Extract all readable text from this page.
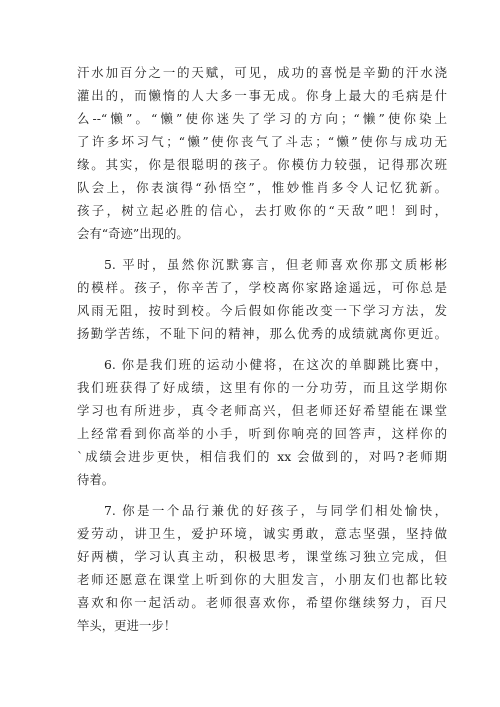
汗水加百分之一的天赋，可见，成功的喜悦是辛勤的汗水浇
灌出的，而懒惰的人大多一事无成。你身上最大的毛病是什
么--“懒”。“懒”使你迷失了学习的方向；“懒”使你染上
了许多坏习气；“懒”使你丧气了斗志；“懒”使你与成功无
缘。其实，你是很聪明的孩子。你模仿力较强，记得那次班
队会上，你表演得“孙悟空”，惟妙惟肖多令人记忆犹新。
孩子，树立起必胜的信心，去打败你的“天敌”吧！到时，
会有“奇迹”出现的。
5. 平时，虽然你沉默寡言，但老师喜欢你那文质彬彬
的模样。孩子，你辛苦了，学校离你家路途遥远，可你总是
风雨无阻，按时到校。今后假如你能改变一下学习方法，发
扬勤学苦练，不耻下问的精神，那么优秀的成绩就离你更近。
6. 你是我们班的运动小健将，在这次的单脚跳比赛中，
我们班获得了好成绩，这里有你的一分功劳，而且这学期你
学习也有所进步，真令老师高兴，但老师还好希望能在课堂
上经常看到你高举的小手，听到你响亮的回答声，这样你的
`成绩会进步更快，相信我们的 xx 会做到的，对吗?老师期
待着。
7. 你是一个品行兼优的好孩子，与同学们相处愉快，
爱劳动，讲卫生，爱护环境，诚实勇敢，意志坚强，坚持做
好两横，学习认真主动，积极思考，课堂练习独立完成，但
老师还愿意在课堂上听到你的大胆发言，小朋友们也都比较
喜欢和你一起活动。老师很喜欢你，希望你继续努力，百尺
竿头，更进一步！
